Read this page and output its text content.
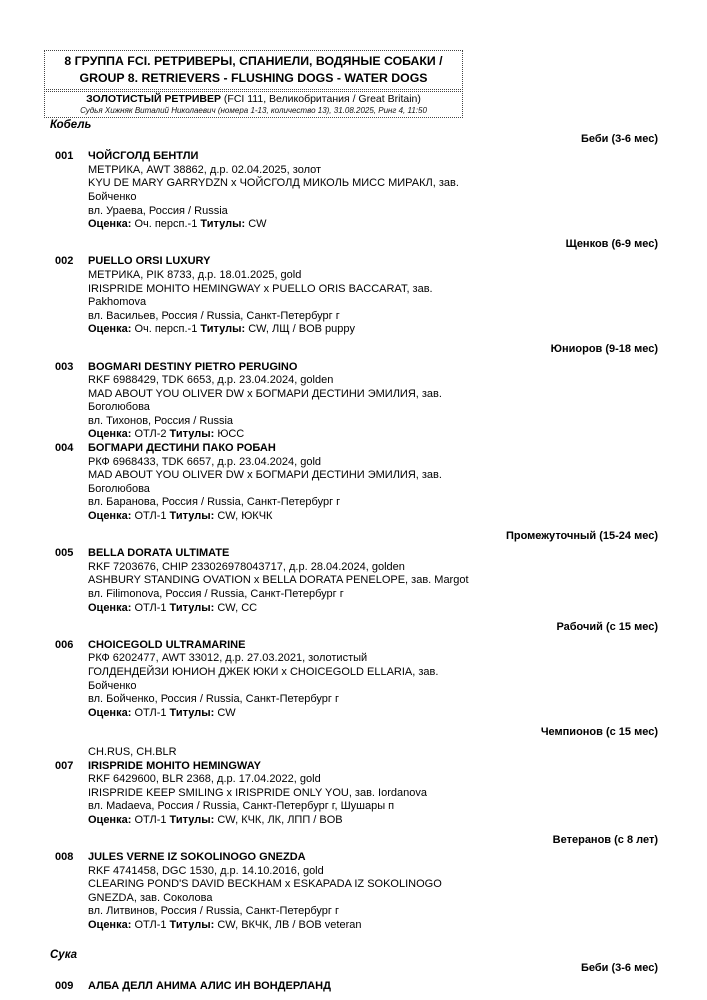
8 ГРУППА FCI. РЕТРИВЕРЫ, СПАНИЕЛИ, ВОДЯНЫЕ СОБАКИ /
GROUP 8. RETRIEVERS - FLUSHING DOGS - WATER DOGS
ЗОЛОТИСТЫЙ РЕТРИВЕР (FCI 111, Великобритания / Great Britain)
Судья Хижняк Виталий Николаевич (номера 1-13, количество 13), 31.08.2025, Ринг 4, 11:50
Кобель
Беби (3-6 мес)
001	ЧОЙСГОЛД БЕНТЛИ
МЕТРИКА, AWT 38862, д.р. 02.04.2025, золот
KYU DE MARY GARRYDZN x ЧОЙСГОЛД МИКОЛЬ МИСС МИРАКЛ, зав.
Бойченко
вл. Ураева, Россия / Russia
Оценка: Оч. персп.-1 Титулы: CW
Щенков (6-9 мес)
002	PUELLO ORSI LUXURY
МЕТРИКА, PIK 8733, д.р. 18.01.2025, gold
IRISPRIDE MOHITO HEMINGWAY x PUELLO ORIS BACCARAT, зав.
Pakhomova
вл. Васильев, Россия / Russia, Санкт-Петербург г
Оценка: Оч. персп.-1 Титулы: CW, ЛЩ / BOB puppy
Юниоров (9-18 мес)
003	BOGMARI DESTINY PIETRO PERUGINO
RKF 6988429, TDK 6653, д.р. 23.04.2024, golden
MAD ABOUT YOU OLIVER DW x БОГМАРИ ДЕСТИНИ ЭМИЛИЯ, зав.
Боголюбова
вл. Тихонов, Россия / Russia
Оценка: ОТЛ-2 Титулы: ЮСС
004	БОГМАРИ ДЕСТИНИ ПАКО РОБАН
РКФ 6968433, TDK 6657, д.р. 23.04.2024, gold
MAD ABOUT YOU OLIVER DW x БОГМАРИ ДЕСТИНИ ЭМИЛИЯ, зав.
Боголюбова
вл. Баранова, Россия / Russia, Санкт-Петербург г
Оценка: ОТЛ-1 Титулы: CW, ЮКЧК
Промежуточный (15-24 мес)
005	BELLA DORATA ULTIMATE
RKF 7203676, CHIP 233026978043717, д.р. 28.04.2024, golden
ASHBURY STANDING OVATION x BELLA DORATA PENELOPE, зав. Margot
вл. Filimonova, Россия / Russia, Санкт-Петербург г
Оценка: ОТЛ-1 Титулы: CW, СС
Рабочий (с 15 мес)
006	CHOICEGOLD ULTRAMARINE
РКФ 6202477, AWT 33012, д.р. 27.03.2021, золотистый
ГОЛДЕНДЕЙЗИ ЮНИОН ДЖЕК ЮКИ x CHOICEGOLD ELLARIA, зав.
Бойченко
вл. Бойченко, Россия / Russia, Санкт-Петербург г
Оценка: ОТЛ-1 Титулы: CW
Чемпионов (с 15 мес)
CH.RUS, CH.BLR
007	IRISPRIDE MOHITO HEMINGWAY
RKF 6429600, BLR 2368, д.р. 17.04.2022, gold
IRISPRIDE KEEP SMILING x IRISPRIDE ONLY YOU, зав. Iordanova
вл. Madaeva, Россия / Russia, Санкт-Петербург г, Шушары п
Оценка: ОТЛ-1 Титулы: CW, КЧК, ЛК, ЛПП / BOB
Ветеранов (с 8 лет)
008	JULES VERNE IZ SOKOLINOGO GNEZDA
RKF 4741458, DGC 1530, д.р. 14.10.2016, gold
CLEARING POND'S DAVID BECKHAM x ESKAPADA IZ SOKOLINOGO
GNEZDA, зав. Соколова
вл. Литвинов, Россия / Russia, Санкт-Петербург г
Оценка: ОТЛ-1 Титулы: CW, ВКЧК, ЛВ / BOB veteran
Сука
Беби (3-6 мес)
009	АЛБА ДЕЛЛ АНИМА АЛИС ИН ВОНДЕРЛАНД
